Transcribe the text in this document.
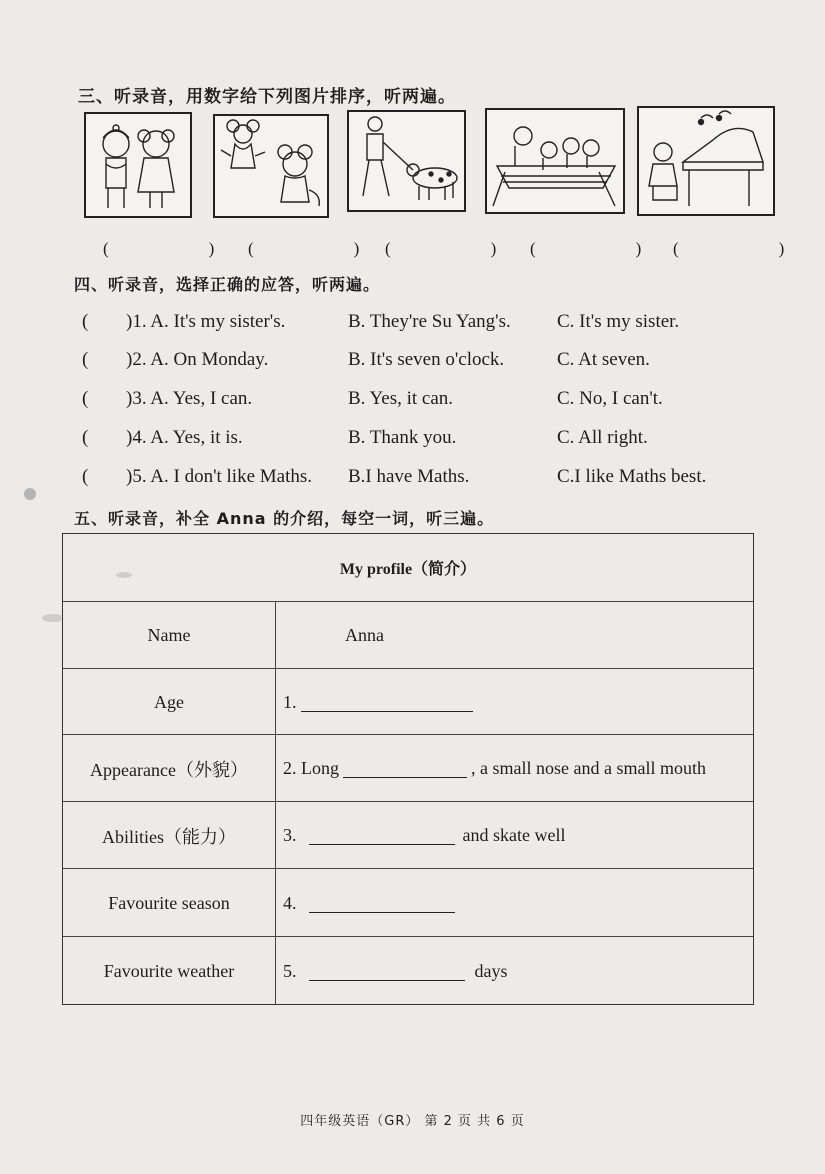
三、听录音，用数字给下列图片排序，听两遍。
(　　) (　　) (　　) (　　) (　　)
四、听录音，选择正确的应答，听两遍。
( )1. A. It's my sister's.	B. They're Su Yang's. C. It's my sister.
( )2. A. On Monday.	B. It's seven o'clock.	C. At seven.
( )3. A. Yes, I can.	B. Yes, it can.	C. No, I can't.
( )4. A. Yes, it is.	B. Thank you.	C. All right.
( )5. A. I don't like Maths. B.I have Maths.	C.I like Maths best.
五、听录音，补全 Anna 的介绍，每空一词，听三遍。
My profile（简介）
Name	Anna
Age	1.
Appearance（外貌）	2. Long	, a small nose and a small mouth
Abilities（能力）	3.	and skate well
Favourite season	4.
Favourite weather	5.	days
四年级英语（GR） 第 2 页 共 6 页
